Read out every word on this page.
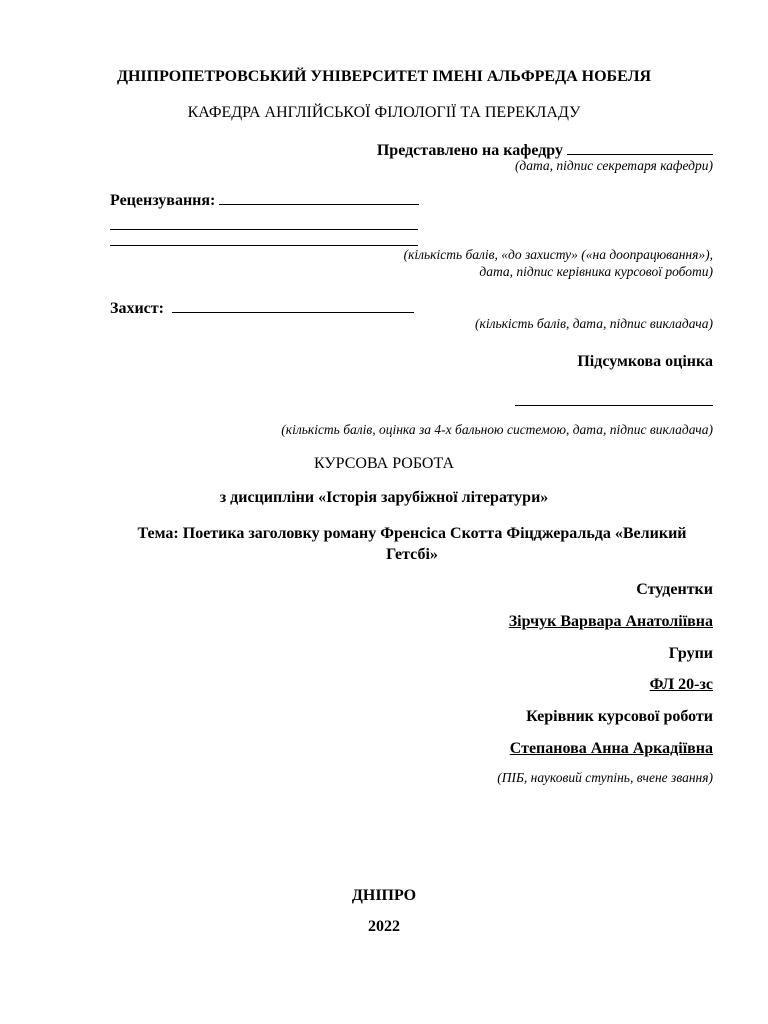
ДНІПРОПЕТРОВСЬКИЙ УНІВЕРСИТЕТ ІМЕНІ АЛЬФРЕДА НОБЕЛЯ
КАФЕДРА АНГЛІЙСЬКОЇ ФІЛОЛОГІЇ ТА ПЕРЕКЛАДУ
Представлено на кафедру
(дата, підпис секретаря кафедри)
Рецензування:
(кількість балів, «до захисту» («на доопрацювання»),
дата, підпис керівника курсової роботи)
Захист:
(кількість балів, дата, підпис викладача)
Підсумкова оцінка
(кількість балів, оцінка за 4-х бальною системою, дата, підпис викладача)
КУРСОВА РОБОТА
з дисципліни «Історія зарубіжної літератури»
Тема: Поетика заголовку роману Френсіса Скотта Фіцджеральда «Великий Гетсбі»
Студентки
Зірчук Варвара Анатоліївна
Групи
ФЛ 20-зс
Керівник курсової роботи
Степанова Анна Аркадіївна
(ПІБ, науковий ступінь, вчене звання)
ДНІПРО
2022
